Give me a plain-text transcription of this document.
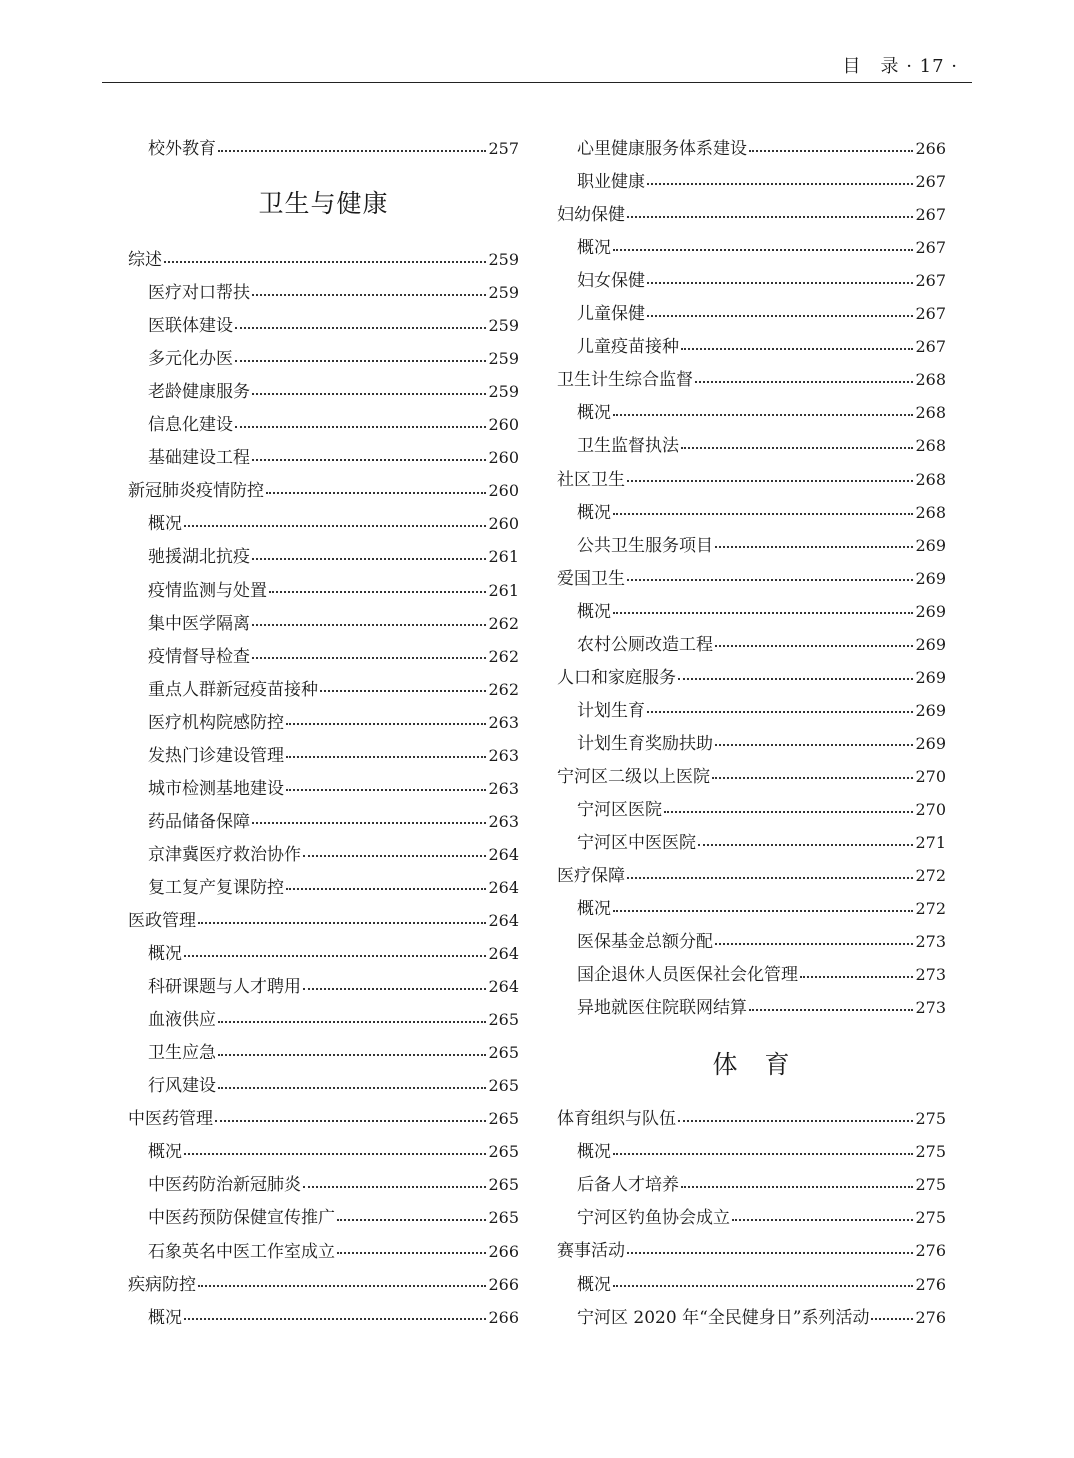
目　录 · 17 ·
校外教育	257
卫生与健康
综述	259
医疗对口帮扶	259
医联体建设	259
多元化办医	259
老龄健康服务	259
信息化建设	260
基础建设工程	260
新冠肺炎疫情防控	260
概况	260
驰援湖北抗疫	261
疫情监测与处置	261
集中医学隔离	262
疫情督导检查	262
重点人群新冠疫苗接种	262
医疗机构院感防控	263
发热门诊建设管理	263
城市检测基地建设	263
药品储备保障	263
京津冀医疗救治协作	264
复工复产复课防控	264
医政管理	264
概况	264
科研课题与人才聘用	264
血液供应	265
卫生应急	265
行风建设	265
中医药管理	265
概况	265
中医药防治新冠肺炎	265
中医药预防保健宣传推广	265
石象英名中医工作室成立	266
疾病防控	266
概况	266
心里健康服务体系建设	266
职业健康	267
妇幼保健	267
概况	267
妇女保健	267
儿童保健	267
儿童疫苗接种	267
卫生计生综合监督	268
概况	268
卫生监督执法	268
社区卫生	268
概况	268
公共卫生服务项目	269
爱国卫生	269
概况	269
农村公厕改造工程	269
人口和家庭服务	269
计划生育	269
计划生育奖励扶助	269
宁河区二级以上医院	270
宁河区医院	270
宁河区中医医院	271
医疗保障	272
概况	272
医保基金总额分配	273
国企退休人员医保社会化管理	273
异地就医住院联网结算	273
体　育
体育组织与队伍	275
概况	275
后备人才培养	275
宁河区钓鱼协会成立	275
赛事活动	276
概况	276
宁河区 2020 年“全民健身日”系列活动	276
